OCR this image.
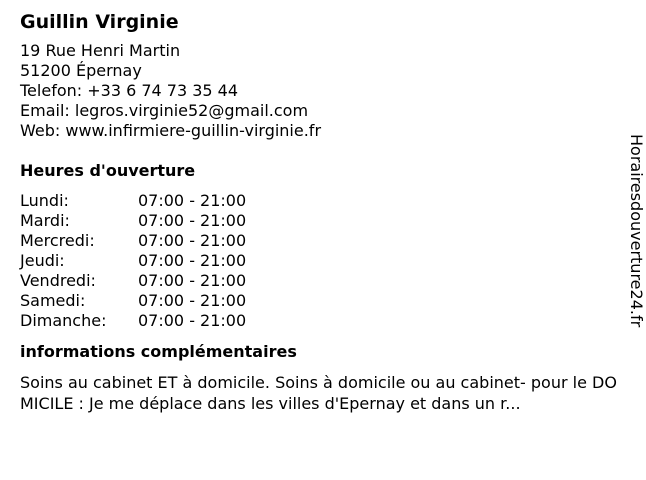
Guillin Virginie
19 Rue Henri Martin
51200 Épernay
Telefon: +33 6 74 73 35 44
Email: legros.virginie52@gmail.com
Web: www.infirmiere-guillin-virginie.fr
Heures d'ouverture
Lundi:	07:00 - 21:00
Mardi:	07:00 - 21:00
Mercredi:	07:00 - 21:00
Jeudi:	07:00 - 21:00
Vendredi:	07:00 - 21:00
Samedi:	07:00 - 21:00
Dimanche: 07:00 - 21:00
informations complémentaires
Soins au cabinet ET à domicile. Soins à domicile ou au cabinet- pour le DOMICILE : Je me déplace dans les villes d'Epernay et dans un r...
Horairesdouverture24.fr
